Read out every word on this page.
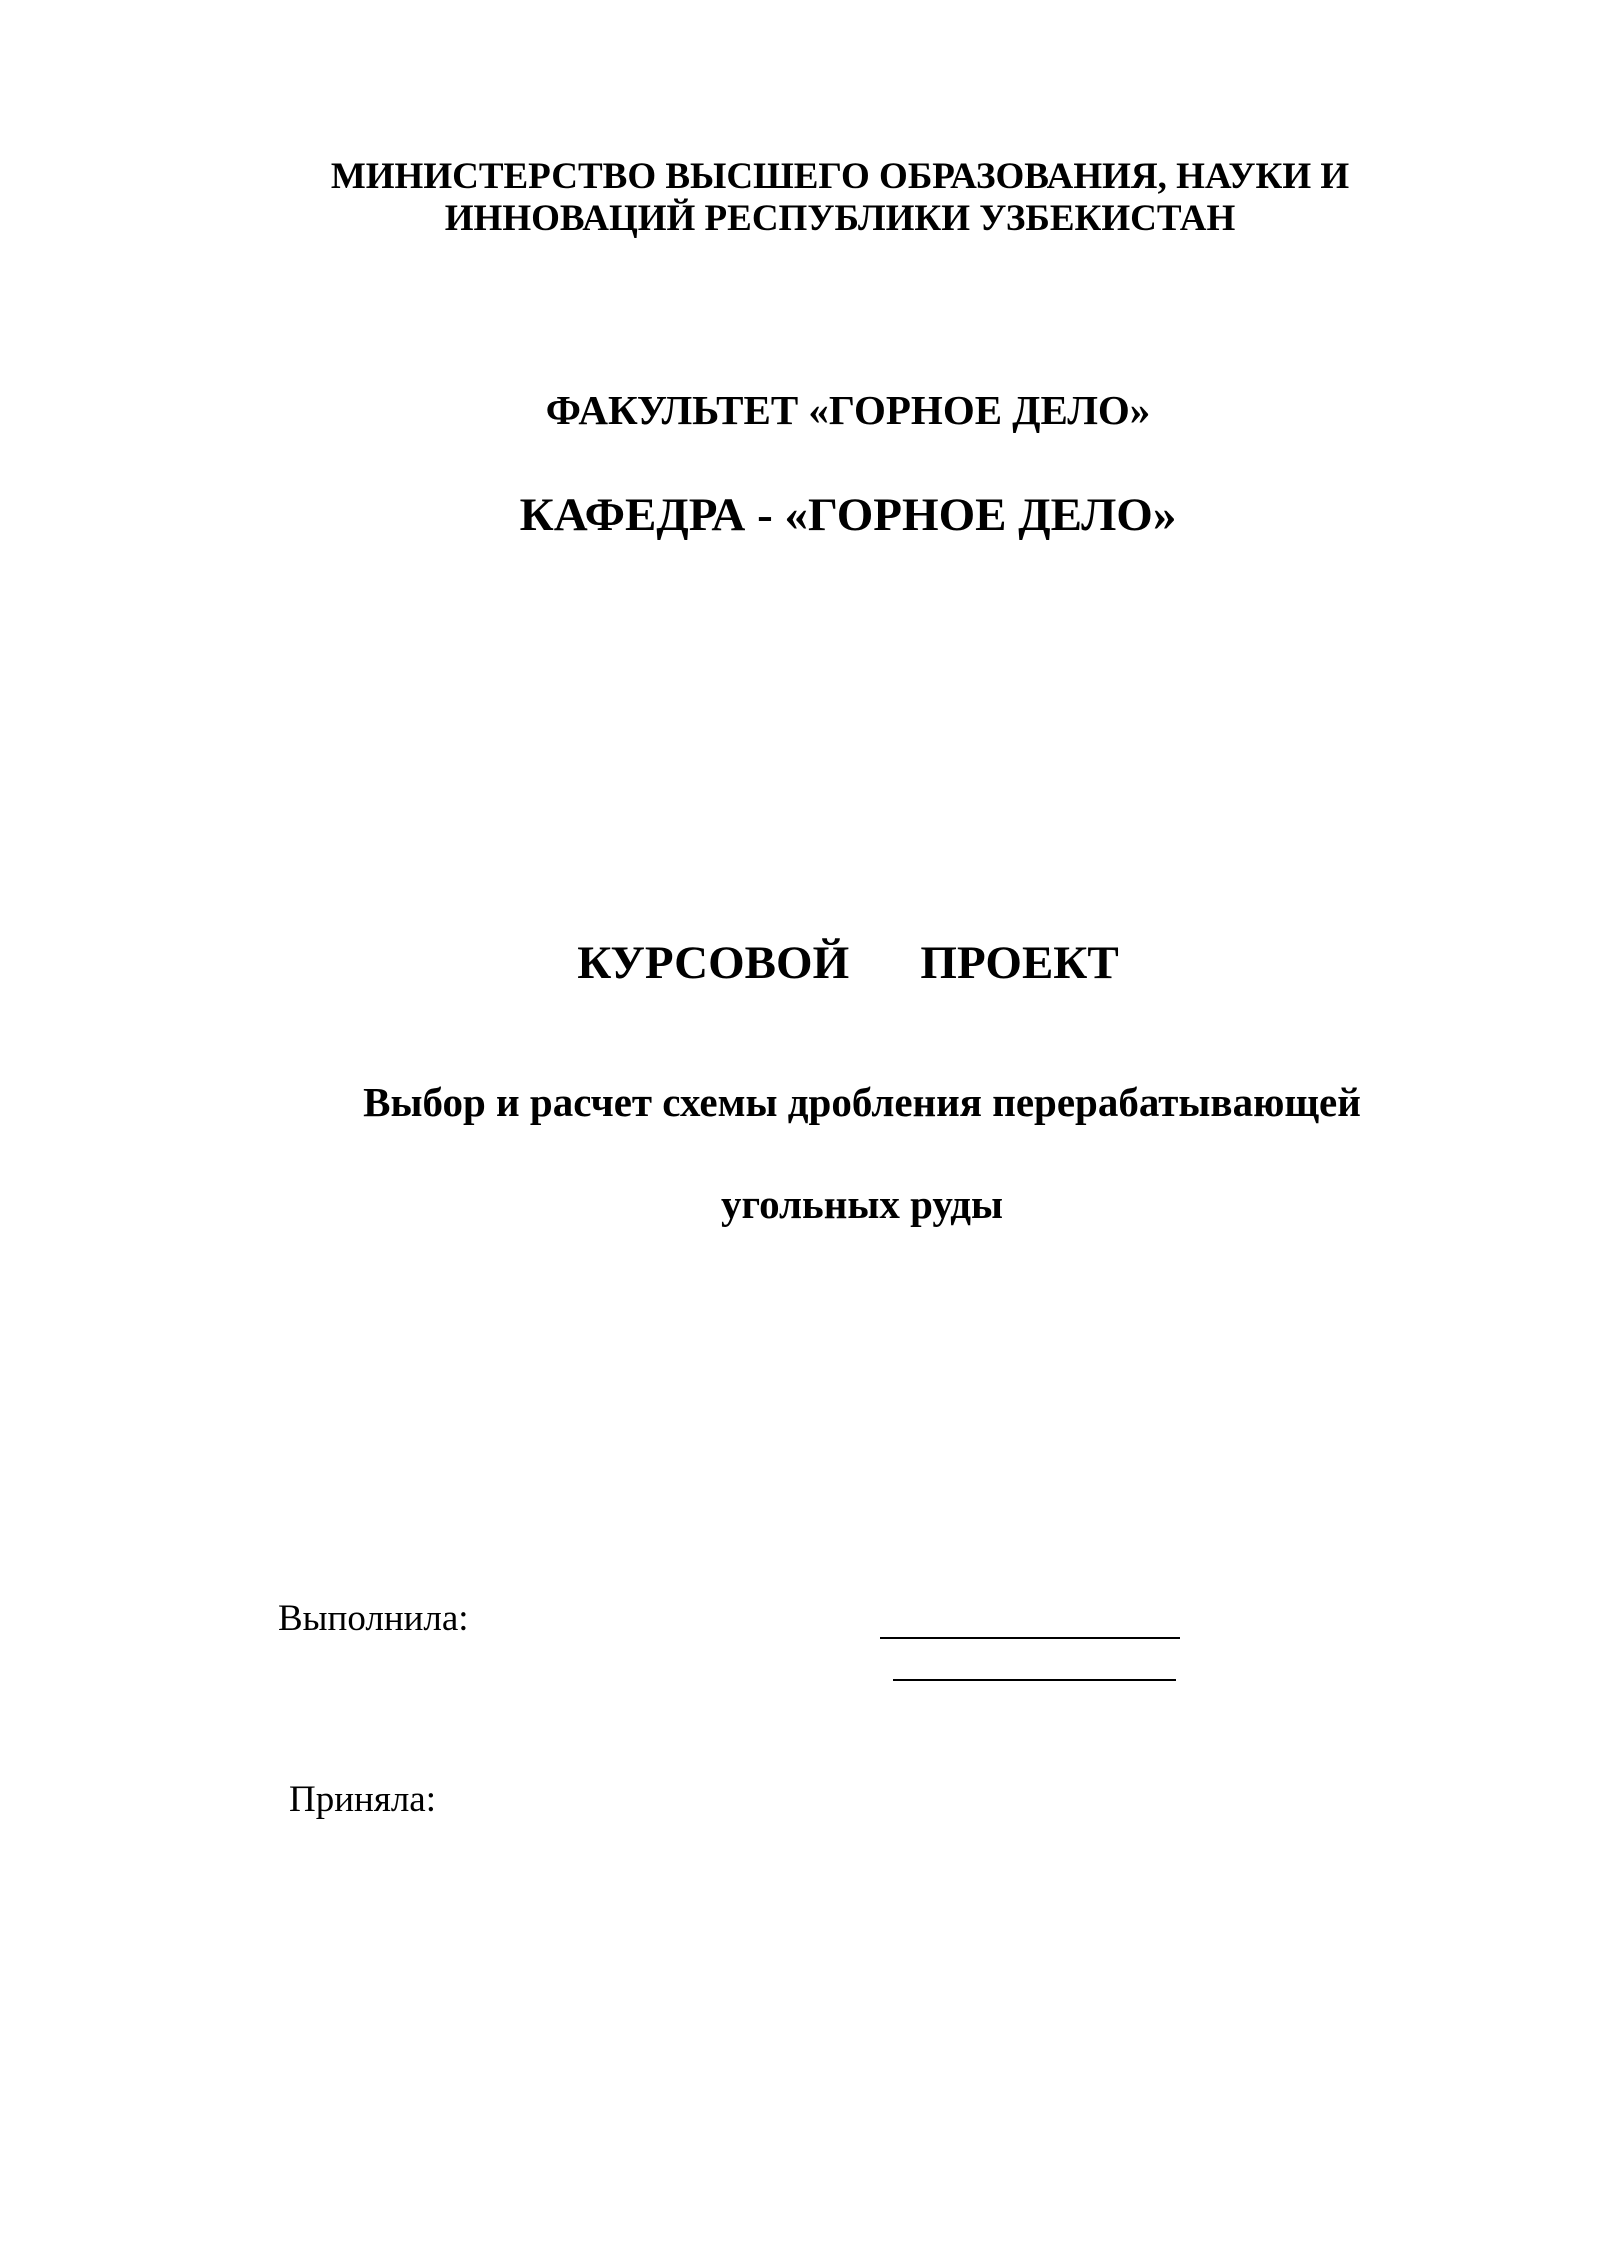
МИНИСТЕРСТВО ВЫСШЕГО ОБРАЗОВАНИЯ, НАУКИ И
ИННОВАЦИЙ РЕСПУБЛИКИ УЗБЕКИСТАН
ФАКУЛЬТЕТ «ГОРНОЕ ДЕЛО»
КАФЕДРА - «ГОРНОЕ ДЕЛО»
КУРСОВОЙ   ПРОЕКТ
Выбор и расчет схемы дробления перерабатывающей
угольных руды
Выполнила:
Приняла:
